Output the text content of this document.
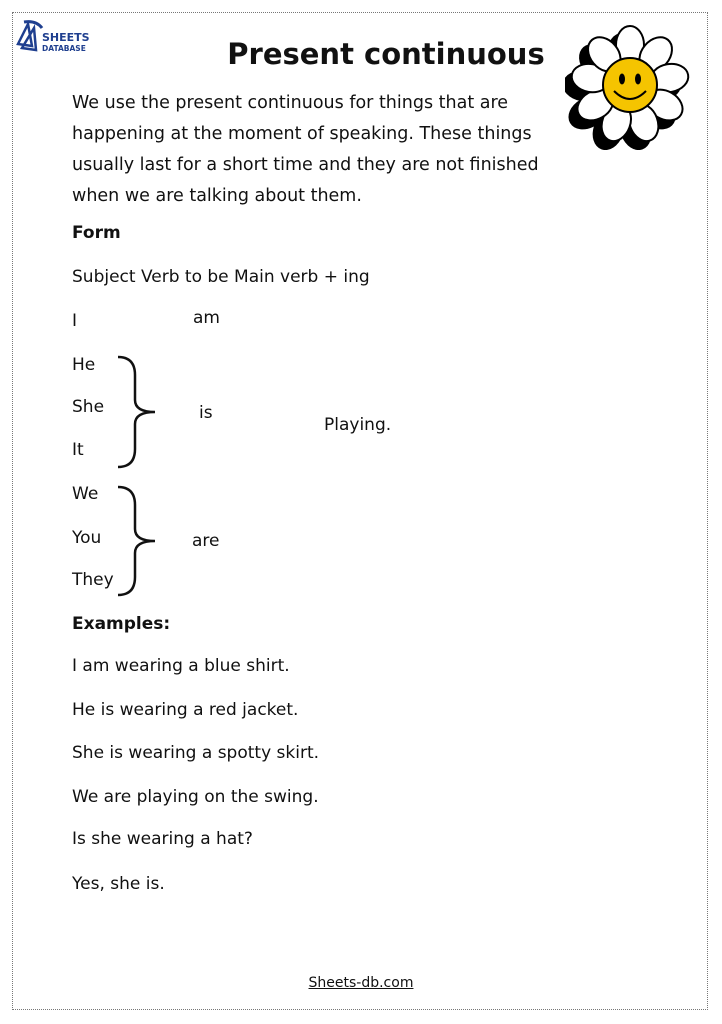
SHEETS
DATABASE	Present continuous
We use the present continuous for things that are happening at the moment of speaking. These things usually last for a short time and they are not finished when we are talking about them.
Form
Subject Verb to be Main verb + ing
I	am
He
She
It
is
Playing.
We
You
They
are
Examples:
I am wearing a blue shirt.
He is wearing a red jacket.
She is wearing a spotty skirt.
We are playing on the swing.
Is she wearing a hat?
Yes, she is.
Sheets-db.com
